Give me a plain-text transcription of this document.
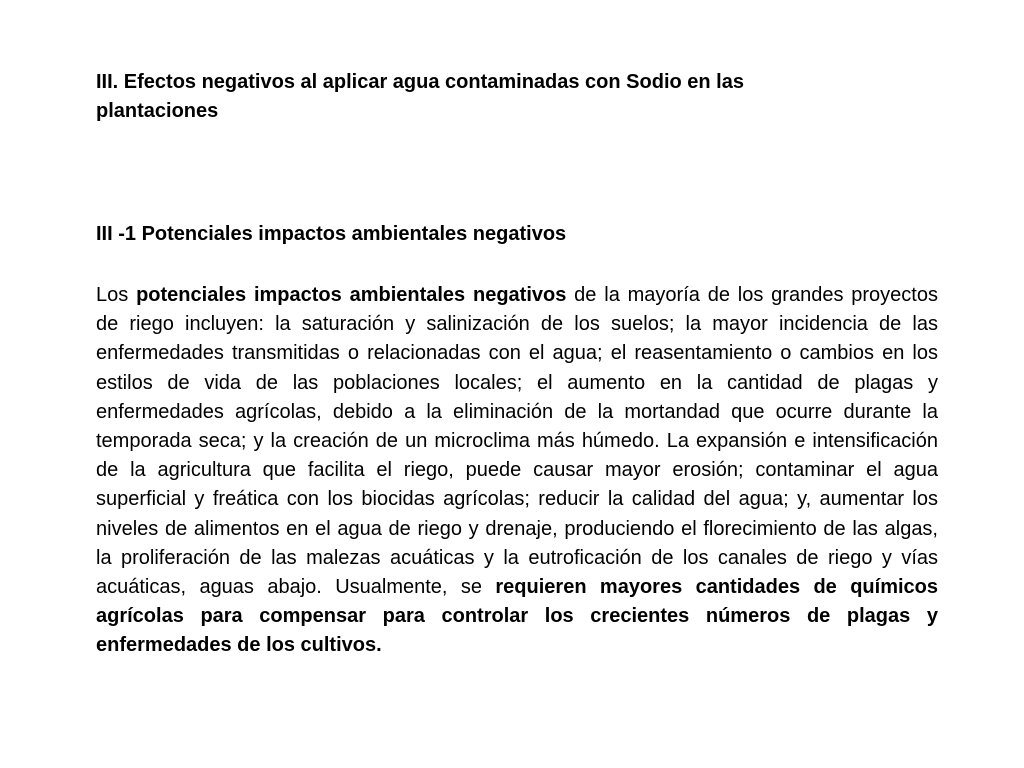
III. Efectos negativos al aplicar agua contaminadas con Sodio en las plantaciones
III -1 Potenciales impactos ambientales negativos

Los potenciales impactos ambientales negativos de la mayoría de los grandes proyectos de riego incluyen: la saturación y salinización de los suelos; la mayor incidencia de las enfermedades transmitidas o relacionadas con el agua; el reasentamiento o cambios en los estilos de vida de las poblaciones locales; el aumento en la cantidad de plagas y enfermedades agrícolas, debido a la eliminación de la mortandad que ocurre durante la temporada seca; y la creación de un microclima más húmedo. La expansión e intensificación de la agricultura que facilita el riego, puede causar mayor erosión; contaminar el agua superficial y freática con los biocidas agrícolas; reducir la calidad del agua; y, aumentar los niveles de alimentos en el agua de riego y drenaje, produciendo el florecimiento de las algas, la proliferación de las malezas acuáticas y la eutroficación de los canales de riego y vías acuáticas, aguas abajo. Usualmente, se requieren mayores cantidades de químicos agrícolas para compensar para controlar los crecientes números de plagas y enfermedades de los cultivos.
